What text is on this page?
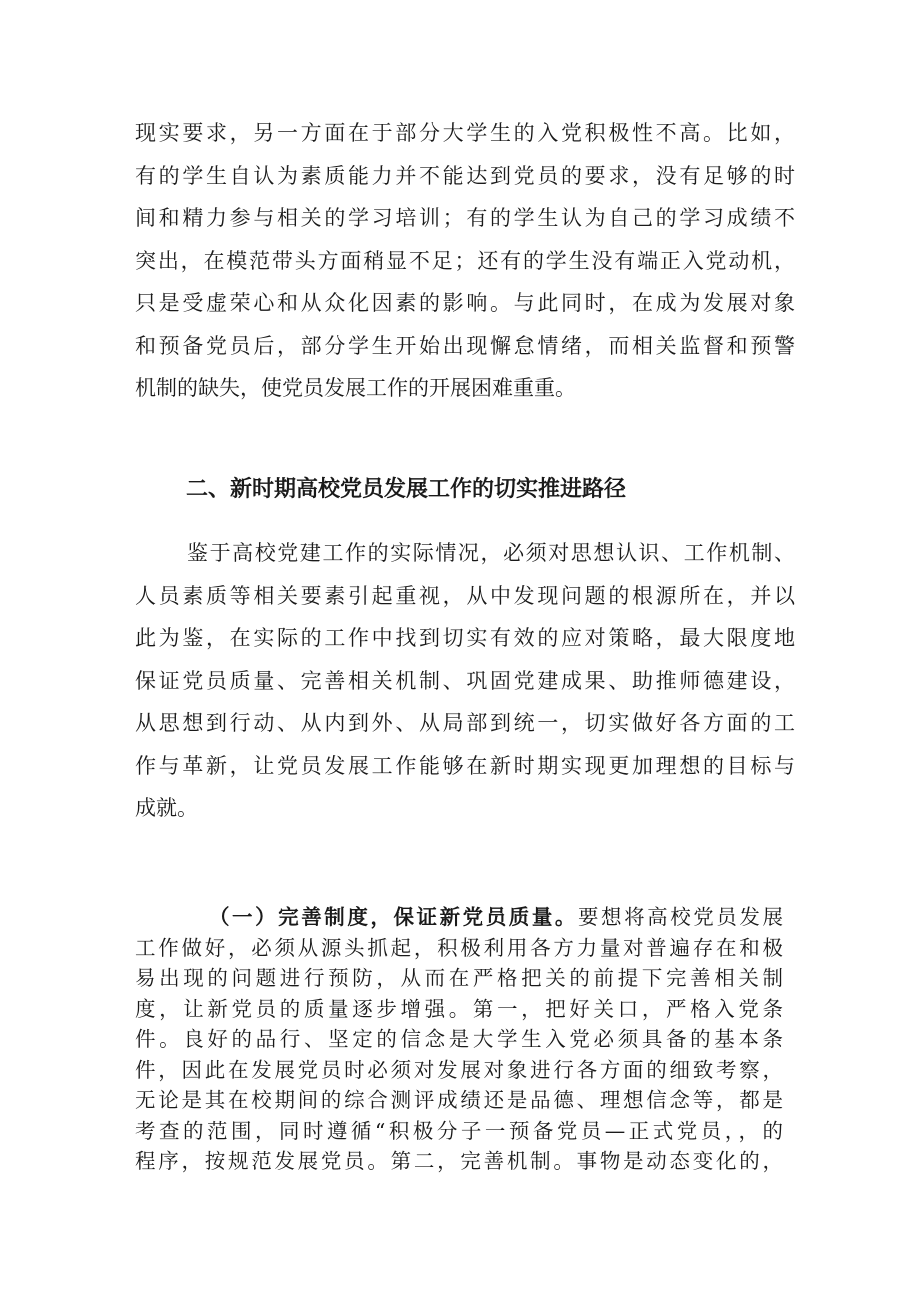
现实要求，另一方面在于部分大学生的入党积极性不高。比如，
有的学生自认为素质能力并不能达到党员的要求，没有足够的时
间和精力参与相关的学习培训；有的学生认为自己的学习成绩不
突出，在模范带头方面稍显不足；还有的学生没有端正入党动机，
只是受虚荣心和从众化因素的影响。与此同时，在成为发展对象
和预备党员后，部分学生开始出现懈怠情绪，而相关监督和预警
机制的缺失，使党员发展工作的开展困难重重。
二、新时期高校党员发展工作的切实推进路径
鉴于高校党建工作的实际情况，必须对思想认识、工作机制、
人员素质等相关要素引起重视，从中发现问题的根源所在，并以
此为鉴，在实际的工作中找到切实有效的应对策略，最大限度地
保证党员质量、完善相关机制、巩固党建成果、助推师德建设，
从思想到行动、从内到外、从局部到统一，切实做好各方面的工
作与革新，让党员发展工作能够在新时期实现更加理想的目标与
成就。
（一）完善制度，保证新党员质量。要想将高校党员发展
工作做好，必须从源头抓起，积极利用各方力量对普遍存在和极
易出现的问题进行预防，从而在严格把关的前提下完善相关制
度，让新党员的质量逐步增强。第一，把好关口，严格入党条
件。良好的品行、坚定的信念是大学生入党必须具备的基本条
件，因此在发展党员时必须对发展对象进行各方面的细致考察，
无论是其在校期间的综合测评成绩还是品德、理想信念等，都是
考查的范围，同时遵循“积极分子一预备党员—正式党员，，的
程序，按规范发展党员。第二，完善机制。事物是动态变化的，
